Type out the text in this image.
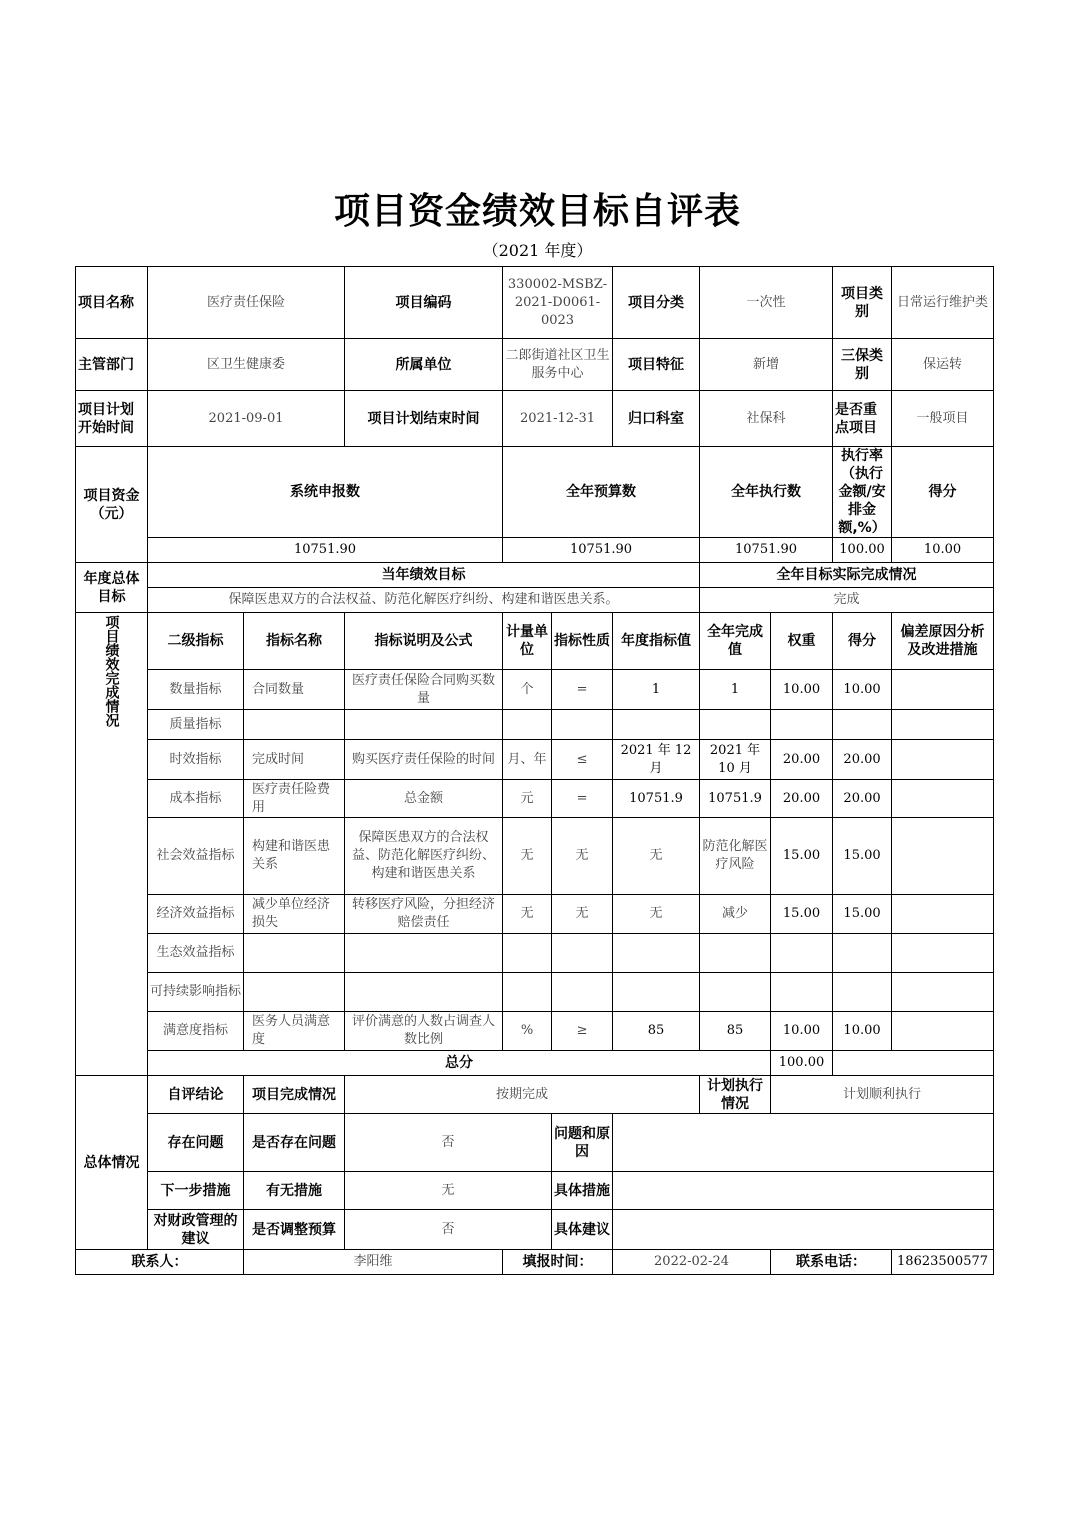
项目资金绩效目标自评表
（2021 年度）
项目名称	医疗责任保险		项目编码	330002-MSBZ-2021-D0061-0023		项目分类	一次性		项目类别	日常运行维护类
主管部门	区卫生健康委		所属单位	二郎街道社区卫生服务中心		项目特征	新增		三保类别	保运转
项目计划开始时间	2021-09-01		项目计划结束时间	2021-12-31		归口科室	社保科		是否重点项目	一般项目
项目资金（元）	系统申报数			全年预算数			全年执行数		执行率（执行金额/安排金额,%）	得分
	10751.90			10751.90			10751.90		100.00	10.00
年度总体目标	当年绩效目标						全年目标实际完成情况			
	保障医患双方的合法权益、防范化解医疗纠纷、构建和谐医患关系。						完成			
项目绩效完成情况	二级指标	指标名称	指标说明及公式	计量单位	指标性质	年度指标值	全年完成值	权重	得分	偏差原因分析及改进措施
	数量指标	合同数量	医疗责任保险合同购买数量	个	=	1	1	10.00	10.00	
	质量指标									
	时效指标	完成时间	购买医疗责任保险的时间	月、年	≤	2021 年 12 月	2021 年 10 月	20.00	20.00	
	成本指标	医疗责任险费用	总金额	元	=	10751.9	10751.9	20.00	20.00	
	社会效益指标	构建和谐医患关系	保障医患双方的合法权益、防范化解医疗纠纷、构建和谐医患关系	无	无	无	防范化解医疗风险	15.00	15.00	
	经济效益指标	减少单位经济损失	转移医疗风险，分担经济赔偿责任	无	无	无	减少	15.00	15.00	
	生态效益指标									
	可持续影响指标									
	满意度指标	医务人员满意度	评价满意的人数占调查人数比例	%	≥	85	85	10.00	10.00	
	总分							100.00		
总体情况	自评结论	项目完成情况	按期完成				计划执行情况	计划顺利执行		
	存在问题	是否存在问题	否		问题和原因					
	下一步措施	有无措施	无		具体措施					
	对财政管理的建议	是否调整预算	否		具体建议					
联系人：		李阳维		填报时间：		2022-02-24		联系电话：		18623500577
